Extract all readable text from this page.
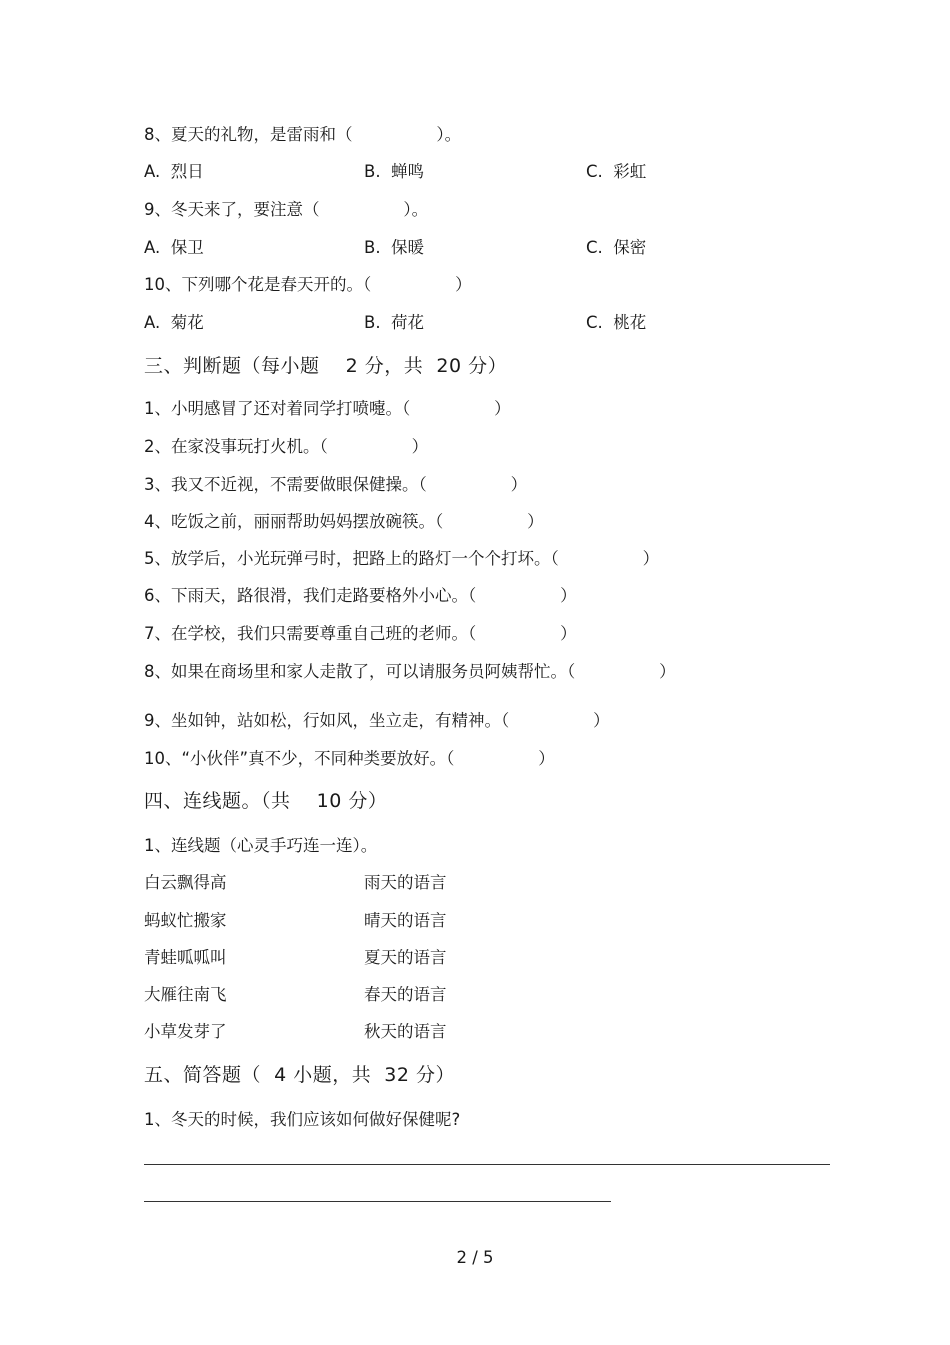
8、夏天的礼物，是雷雨和（                ）。
A.  烈日	B.  蝉鸣	C.  彩虹
9、冬天来了，要注意（                ）。
A.  保卫	B.  保暖	C.  保密
10、下列哪个花是春天开的。（                ）
A.  菊花	B.  荷花	C.  桃花
三、判断题（每小题    2 分，共  20 分）
1、小明感冒了还对着同学打喷嚏。（                ）
2、在家没事玩打火机。（                ）
3、我又不近视，不需要做眼保健操。（                ）
4、吃饭之前，丽丽帮助妈妈摆放碗筷。（                ）
5、放学后，小光玩弹弓时，把路上的路灯一个个打坏。（                ）
6、下雨天，路很滑，我们走路要格外小心。（                ）
7、在学校，我们只需要尊重自己班的老师。（                ）
8、如果在商场里和家人走散了，可以请服务员阿姨帮忙。（                ）
9、坐如钟，站如松，行如风，坐立走，有精神。（                ）
10、“小伙伴”真不少，不同种类要放好。（                ）
四、连线题。（共    10 分）
1、连线题（心灵手巧连一连）。
白云飘得高	雨天的语言
蚂蚁忙搬家	晴天的语言
青蛙呱呱叫	夏天的语言
大雁往南飞	春天的语言
小草发芽了	秋天的语言
五、简答题（  4 小题，共  32 分）
1、冬天的时候，我们应该如何做好保健呢?
2 / 5
